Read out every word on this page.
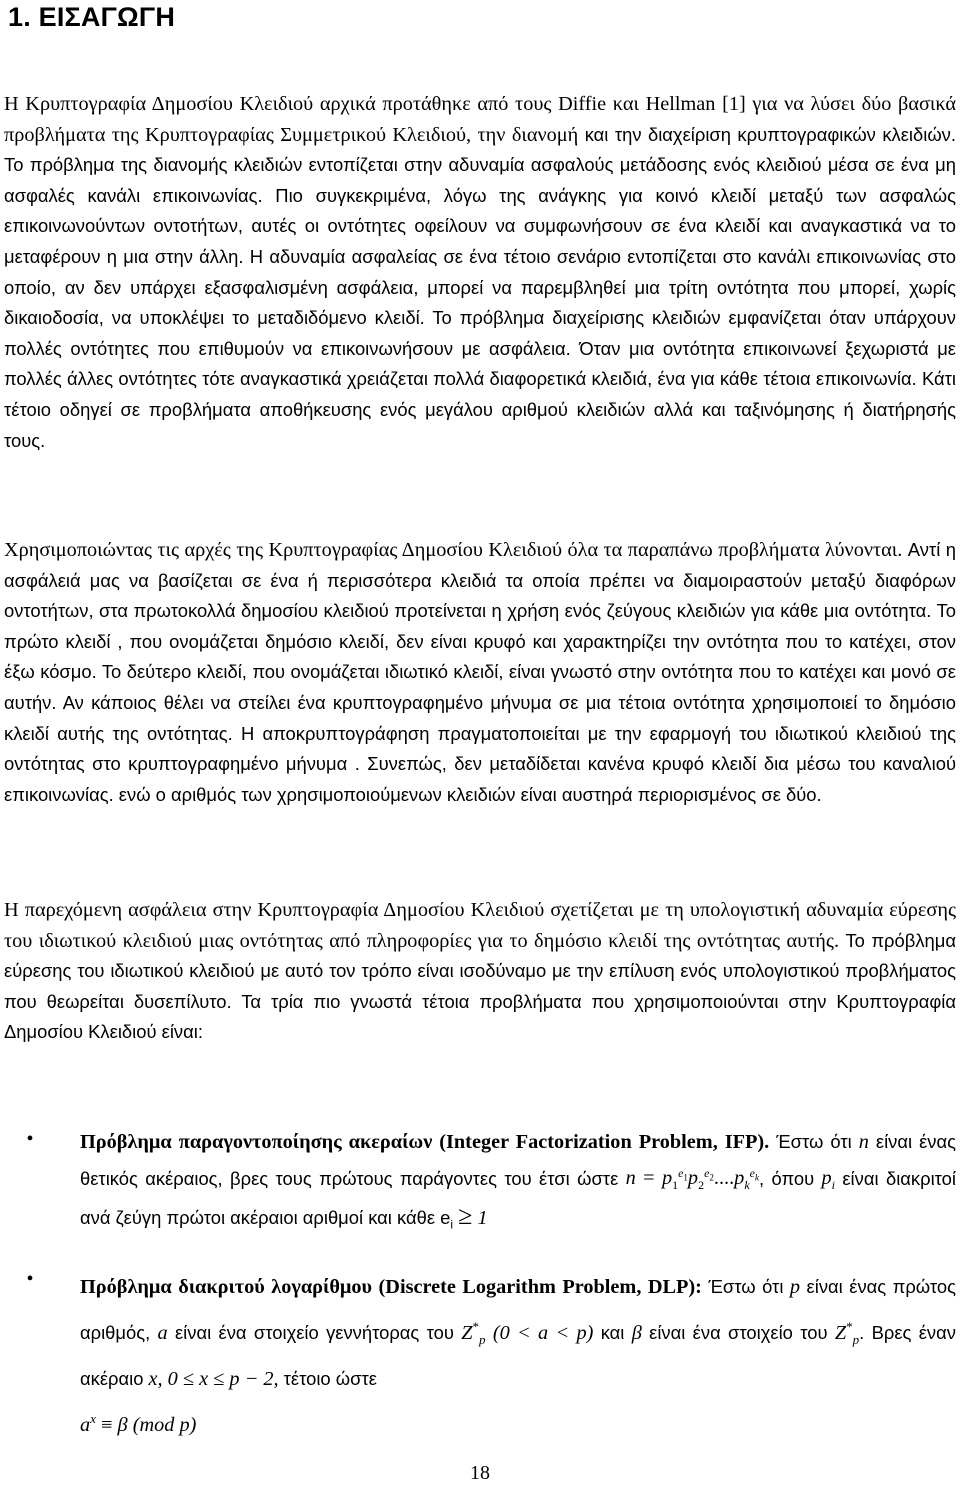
1. ΕΙΣΑΓΩΓΗ

Η Κρυπτογραφία Δημοσίου Κλειδιού αρχικά προτάθηκε από τους Diffie και Hellman [1] για να λύσει δύο βασικά προβλήματα της Κρυπτογραφίας Συμμετρικού Κλειδιού, την διανομή και την διαχείριση κρυπτογραφικών κλειδιών. Το πρόβλημα της διανομής κλειδιών εντοπίζεται στην αδυναμία ασφαλούς μετάδοσης ενός κλειδιού μέσα σε ένα μη ασφαλές κανάλι επικοινωνίας. Πιο συγκεκριμένα, λόγω της ανάγκης για κοινό κλειδί μεταξύ των ασφαλώς επικοινωνούντων οντοτήτων, αυτές οι οντότητες οφείλουν να συμφωνήσουν σε ένα κλειδί και αναγκαστικά να το μεταφέρουν η μια στην άλλη. Η αδυναμία ασφαλείας σε ένα τέτοιο σενάριο εντοπίζεται στο κανάλι επικοινωνίας στο οποίο, αν δεν υπάρχει εξασφαλισμένη ασφάλεια, μπορεί να παρεμβληθεί μια τρίτη οντότητα που μπορεί, χωρίς δικαιοδοσία, να υποκλέψει το μεταδιδόμενο κλειδί. Το πρόβλημα διαχείρισης κλειδιών εμφανίζεται όταν υπάρχουν πολλές οντότητες που επιθυμούν να επικοινωνήσουν με ασφάλεια. Όταν μια οντότητα επικοινωνεί ξεχωριστά με πολλές άλλες οντότητες τότε αναγκαστικά χρειάζεται πολλά διαφορετικά κλειδιά, ένα για κάθε τέτοια επικοινωνία. Κάτι τέτοιο οδηγεί σε προβλήματα αποθήκευσης ενός μεγάλου αριθμού κλειδιών αλλά και ταξινόμησης ή διατήρησής τους.

Χρησιμοποιώντας τις αρχές της Κρυπτογραφίας Δημοσίου Κλειδιού όλα τα παραπάνω προβλήματα λύνονται. Αντί η ασφάλειά μας να βασίζεται σε ένα ή περισσότερα κλειδιά τα οποία πρέπει να διαμοιραστούν μεταξύ διαφόρων οντοτήτων, στα πρωτοκολλά δημοσίου κλειδιού προτείνεται η χρήση ενός ζεύγους κλειδιών για κάθε μια οντότητα. Το πρώτο κλειδί , που ονομάζεται δημόσιο κλειδί, δεν είναι κρυφό και χαρακτηρίζει την οντότητα που το κατέχει, στον έξω κόσμο. Το δεύτερο κλειδί, που ονομάζεται ιδιωτικό κλειδί, είναι γνωστό στην οντότητα που το κατέχει και μονό σε αυτήν. Αν κάποιος θέλει να στείλει ένα κρυπτογραφημένο μήνυμα σε μια τέτοια οντότητα χρησιμοποιεί το δημόσιο κλειδί αυτής της οντότητας. Η αποκρυπτογράφηση πραγματοποιείται με την εφαρμογή του ιδιωτικού κλειδιού της οντότητας στο κρυπτογραφημένο μήνυμα . Συνεπώς, δεν μεταδίδεται κανένα κρυφό κλειδί δια μέσω του καναλιού επικοινωνίας. ενώ ο αριθμός των χρησιμοποιούμενων κλειδιών είναι αυστηρά περιορισμένος σε δύο.

Η παρεχόμενη ασφάλεια στην Κρυπτογραφία Δημοσίου Κλειδιού σχετίζεται με τη υπολογιστική αδυναμία εύρεσης του ιδιωτικού κλειδιού μιας οντότητας από πληροφορίες για το δημόσιο κλειδί της οντότητας αυτής. Το πρόβλημα εύρεσης του ιδιωτικού κλειδιού με αυτό τον τρόπο είναι ισοδύναμο με την επίλυση ενός υπολογιστικού προβλήματος που θεωρείται δυσεπίλυτο. Τα τρία πιο γνωστά τέτοια προβλήματα που χρησιμοποιούνται στην Κρυπτογραφία Δημοσίου Κλειδιού είναι:

•	Πρόβλημα παραγοντοποίησης ακεραίων (Integer Factorization Problem, IFP). Έστω ότι n είναι ένας θετικός ακέραιος, βρες τους πρώτους παράγοντες του έτσι ώστε $n = p_1^{e_1}p_2^{e_2}....p_k^{e_k}$, όπου $p_i$ είναι διακριτοί ανά ζεύγη πρώτοι ακέραιοι αριθμοί και κάθε $e_i \ge 1$

•	Πρόβλημα διακριτού λογαρίθμου (Discrete Logarithm Problem, DLP): Έστω ότι p είναι ένας πρώτος αριθμός, a είναι ένα στοιχείο γεννήτορας του $Z^*_p$ (0 < a < p) και β είναι ένα στοιχείο του $Z^*_p$. Βρες έναν ακέραιο x, 0 ≤ x ≤ p − 2, τέτοιο ώστε
$a^x \equiv \beta$ (mod p)

18
